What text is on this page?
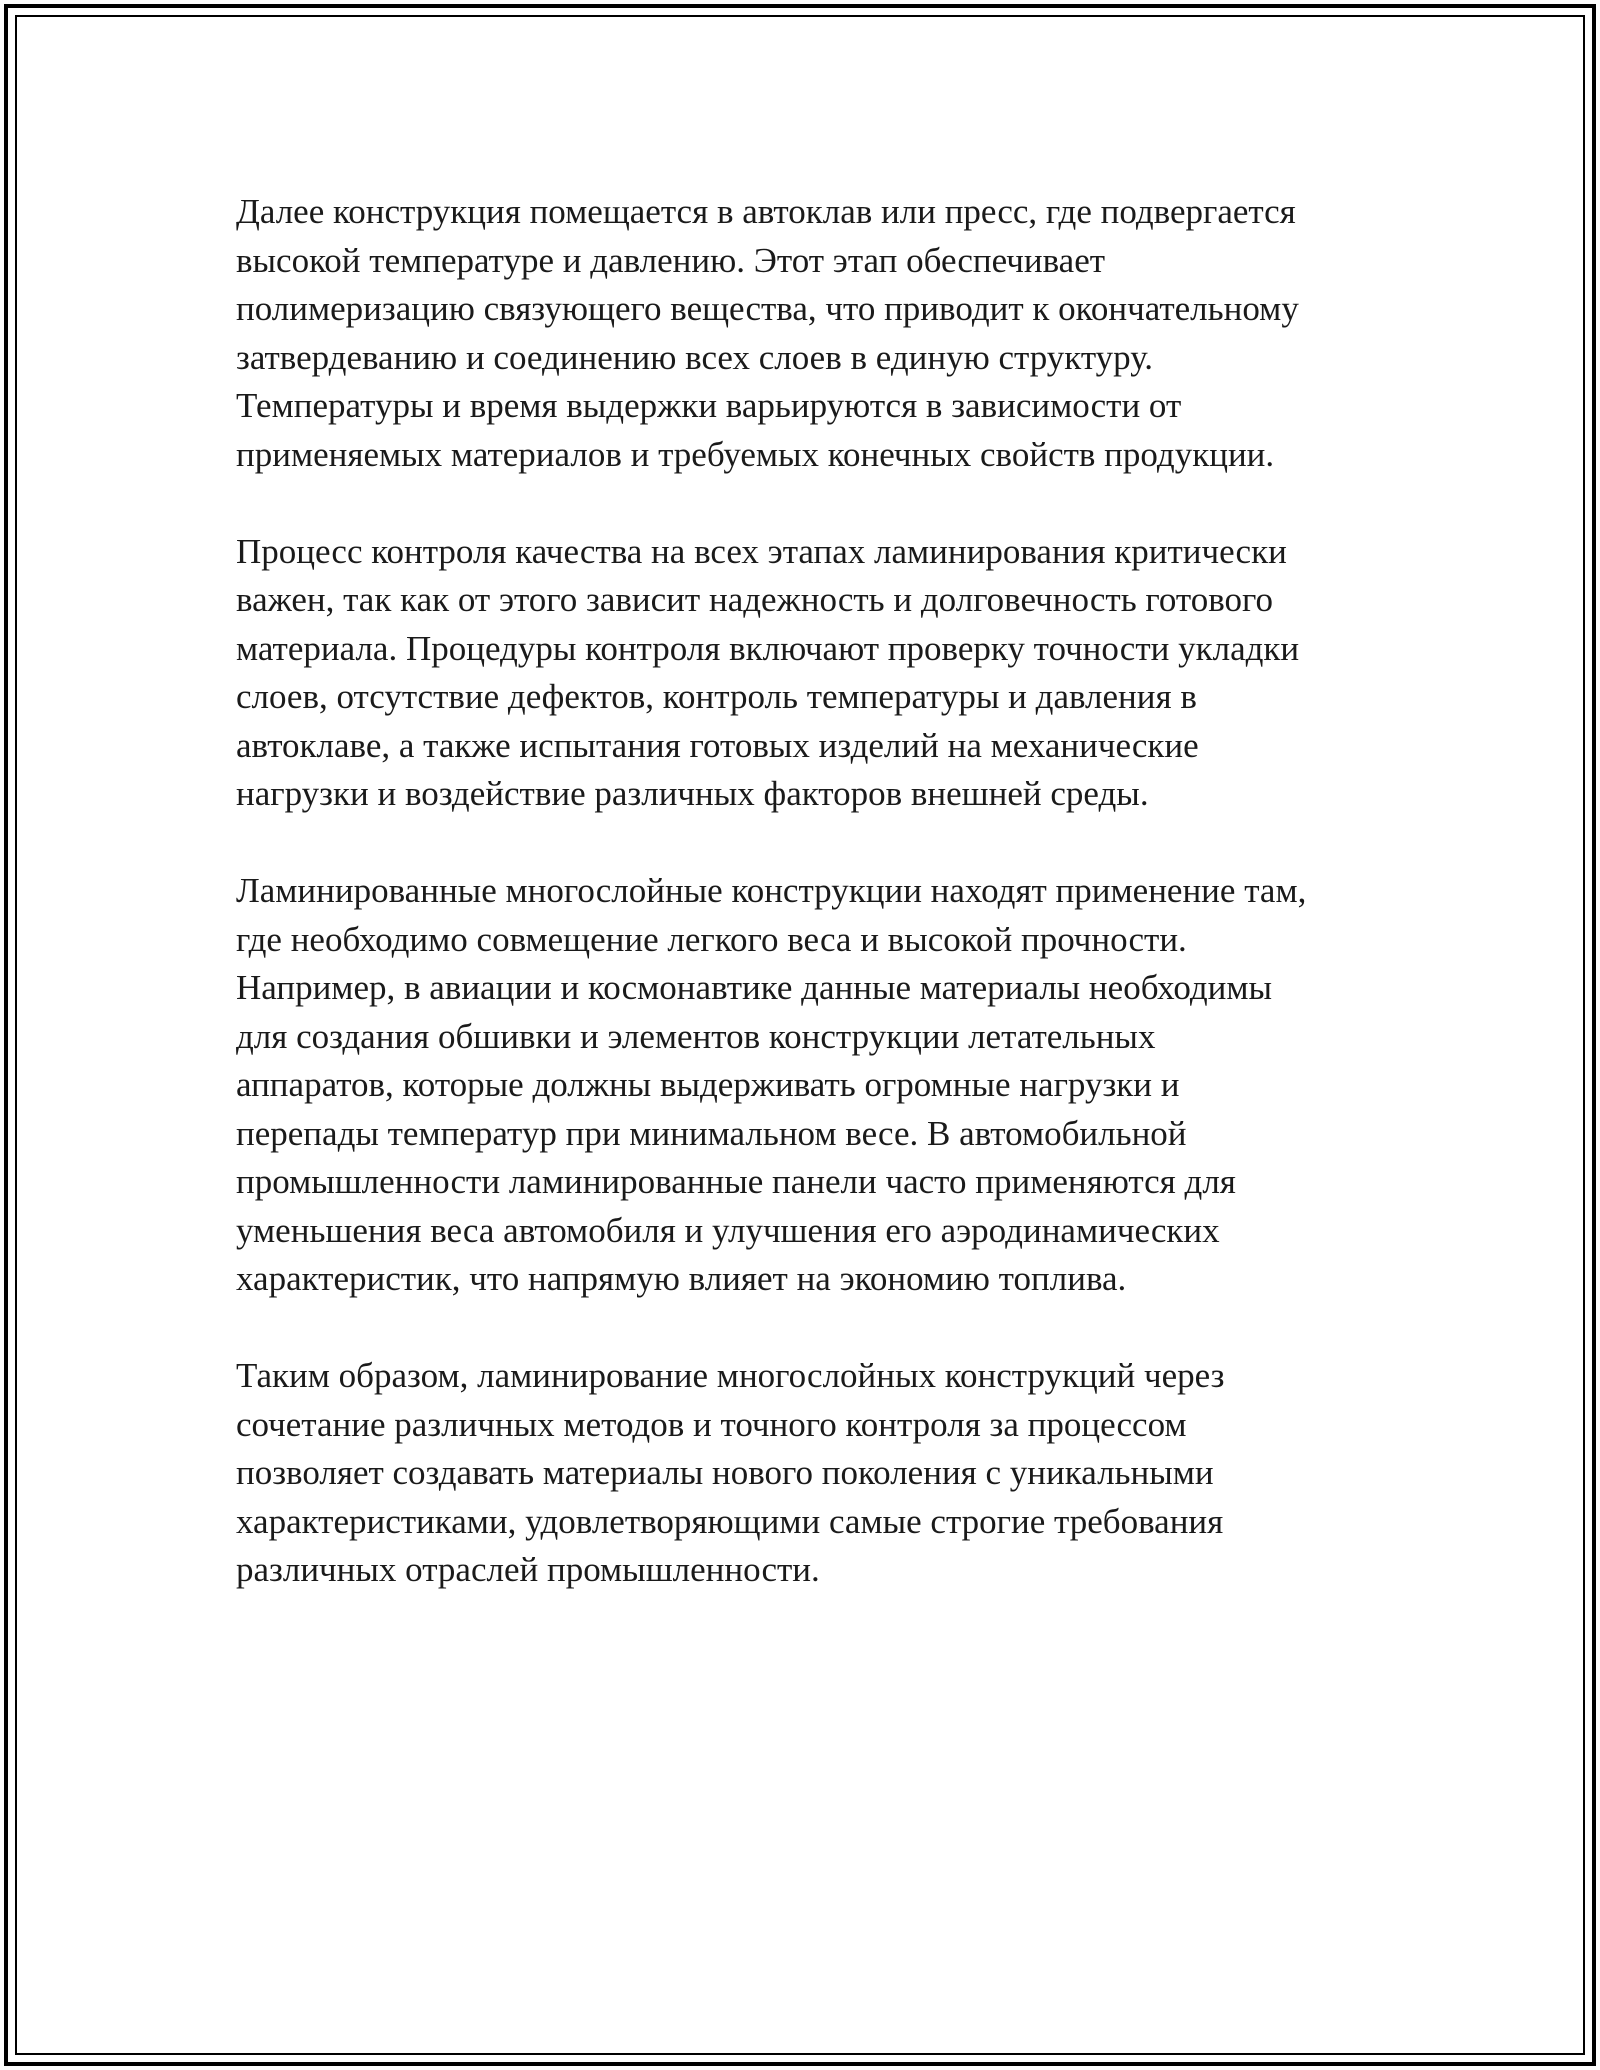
Далее конструкция помещается в автоклав или пресс, где подвергается
высокой температуре и давлению. Этот этап обеспечивает
полимеризацию связующего вещества, что приводит к окончательному
затвердеванию и соединению всех слоев в единую структуру.
Температуры и время выдержки варьируются в зависимости от
применяемых материалов и требуемых конечных свойств продукции.

Процесс контроля качества на всех этапах ламинирования критически
важен, так как от этого зависит надежность и долговечность готового
материала. Процедуры контроля включают проверку точности укладки
слоев, отсутствие дефектов, контроль температуры и давления в
автоклаве, а также испытания готовых изделий на механические
нагрузки и воздействие различных факторов внешней среды.

Ламинированные многослойные конструкции находят применение там,
где необходимо совмещение легкого веса и высокой прочности.
Например, в авиации и космонавтике данные материалы необходимы
для создания обшивки и элементов конструкции летательных
аппаратов, которые должны выдерживать огромные нагрузки и
перепады температур при минимальном весе. В автомобильной
промышленности ламинированные панели часто применяются для
уменьшения веса автомобиля и улучшения его аэродинамических
характеристик, что напрямую влияет на экономию топлива.

Таким образом, ламинирование многослойных конструкций через
сочетание различных методов и точного контроля за процессом
позволяет создавать материалы нового поколения с уникальными
характеристиками, удовлетворяющими самые строгие требования
различных отраслей промышленности.
